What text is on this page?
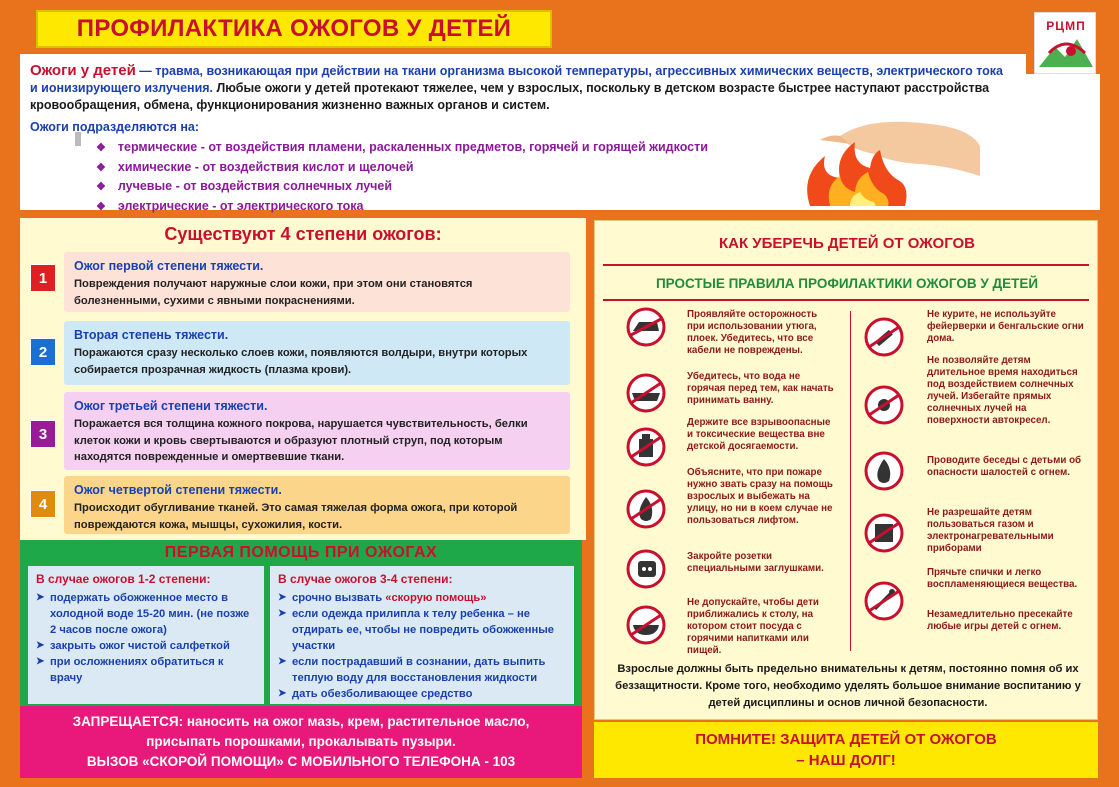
ПРОФИЛАКТИКА ОЖОГОВ У ДЕТЕЙ	РЦМП
Ожоги у детей — травма, возникающая при действии на ткани организма высокой температуры, агрессивных химических веществ, электрического тока и ионизирующего излучения. Любые ожоги у детей протекают тяжелее, чем у взрослых, поскольку в детском возрасте быстрее наступают расстройства кровообращения, обмена, функционирования жизненно важных органов и систем.
Ожоги подразделяются на:
❖ термические - от воздействия пламени, раскаленных предметов, горячей и горящей жидкости
❖ химические - от воздействия кислот и щелочей
❖ лучевые - от воздействия солнечных лучей
❖ электрические - от электрического тока
Существуют 4 степени ожогов:
1
Ожог первой степени тяжести.
Повреждения получают наружные слои кожи, при этом они становятся болезненными, сухими с явными покраснениями.
2
Вторая степень тяжести.
Поражаются сразу несколько слоев кожи, появляются волдыри, внутри которых собирается прозрачная жидкость (плазма крови).
3
Ожог третьей степени тяжести.
Поражается вся толщина кожного покрова, нарушается чувствительность, белки клеток кожи и кровь свертываются и образуют плотный струп, под которым находятся поврежденные и омертвевшие ткани.
4
Ожог четвертой степени тяжести.
Происходит обугливание тканей. Это самая тяжелая форма ожога, при которой повреждаются кожа, мышцы, сухожилия, кости.
ПЕРВАЯ ПОМОЩЬ ПРИ ОЖОГАХ
В случае ожогов 1-2 степени:
➤ подержать обожженное место в холодной воде 15-20 мин. (не позже 2 часов после ожога)
➤ закрыть ожог чистой салфеткой
➤ при осложнениях обратиться к врачу
В случае ожогов 3-4 степени:
➤ срочно вызвать «скорую помощь»
➤ если одежда прилипла к телу ребенка – не отдирать ее, чтобы не повредить обожженные участки
➤ если пострадавший в сознании, дать выпить теплую воду для восстановления жидкости
➤ дать обезболивающее средство
ЗАПРЕЩАЕТСЯ: наносить на ожог мазь, крем, растительное масло,
присыпать порошками, прокалывать пузыри.
ВЫЗОВ «СКОРОЙ ПОМОЩИ» С МОБИЛЬНОГО ТЕЛЕФОНА - 103
КАК УБЕРЕЧЬ ДЕТЕЙ ОТ ОЖОГОВ
ПРОСТЫЕ ПРАВИЛА ПРОФИЛАКТИКИ ОЖОГОВ У ДЕТЕЙ
Проявляйте осторожность при использовании утюга, плоек. Убедитесь, что все кабели не повреждены.
Убедитесь, что вода не горячая перед тем, как начать принимать ванну.
Держите все взрывоопасные и токсические вещества вне детской досягаемости.
Объясните, что при пожаре нужно звать сразу на помощь взрослых и выбежать на улицу, но ни в коем случае не пользоваться лифтом.
Закройте розетки специальными заглушками.
Не допускайте, чтобы дети приближались к столу, на котором стоит посуда с горячими напитками или пищей.
Не курите, не используйте фейерверки и бенгальские огни дома.
Не позволяйте детям длительное время находиться под воздействием солнечных лучей. Избегайте прямых солнечных лучей на поверхности автокресел.
Проводите беседы с детьми об опасности шалостей с огнем.
Не разрешайте детям пользоваться газом и электронагревательными приборами
Прячьте спички и легко воспламеняющиеся вещества.
Незамедлительно пресекайте любые игры детей с огнем.
Взрослые должны быть предельно внимательны к детям, постоянно помня об их беззащитности. Кроме того, необходимо уделять большое внимание воспитанию у детей дисциплины и основ личной безопасности.
ПОМНИТЕ! ЗАЩИТА ДЕТЕЙ ОТ ОЖОГОВ
– НАШ ДОЛГ!
